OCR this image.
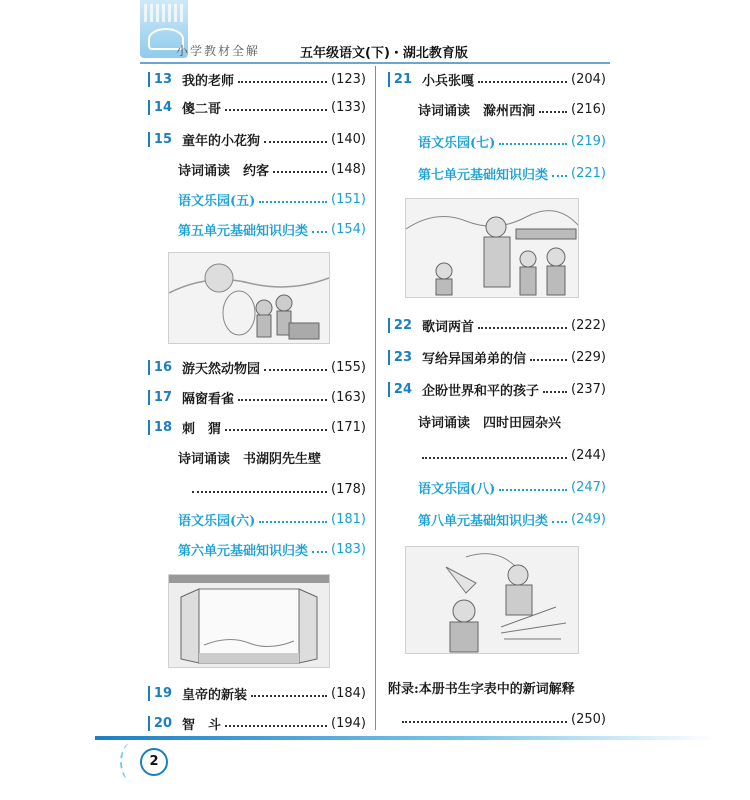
小学教材全解	五年级语文(下)・湖北教育版
13 我的老师	(123)
14 傻二哥	(133)
15 童年的小花狗	(140)
诗词诵读　约客	(148)
语文乐园(五)	(151)
第五单元基础知识归类 (154)
16 游天然动物园	(155)
17 隔窗看雀	(163)
18 刺　猬	(171)
诗词诵读　书湖阴先生壁
(178)
语文乐园(六)	(181)
第六单元基础知识归类 (183)
19 皇帝的新装	(184)
20 智　斗	(194)
21 小兵张嘎	(204)
诗词诵读　滁州西涧	(216)
语文乐园(七)	(219)
第七单元基础知识归类 (221)
22 歌词两首	(222)
23 写给异国弟弟的信	(229)
24 企盼世界和平的孩子 (237)
诗词诵读　四时田园杂兴
(244)
语文乐园(八)	(247)
第八单元基础知识归类 (249)
附录:本册书生字表中的新词解释
(250)
2
